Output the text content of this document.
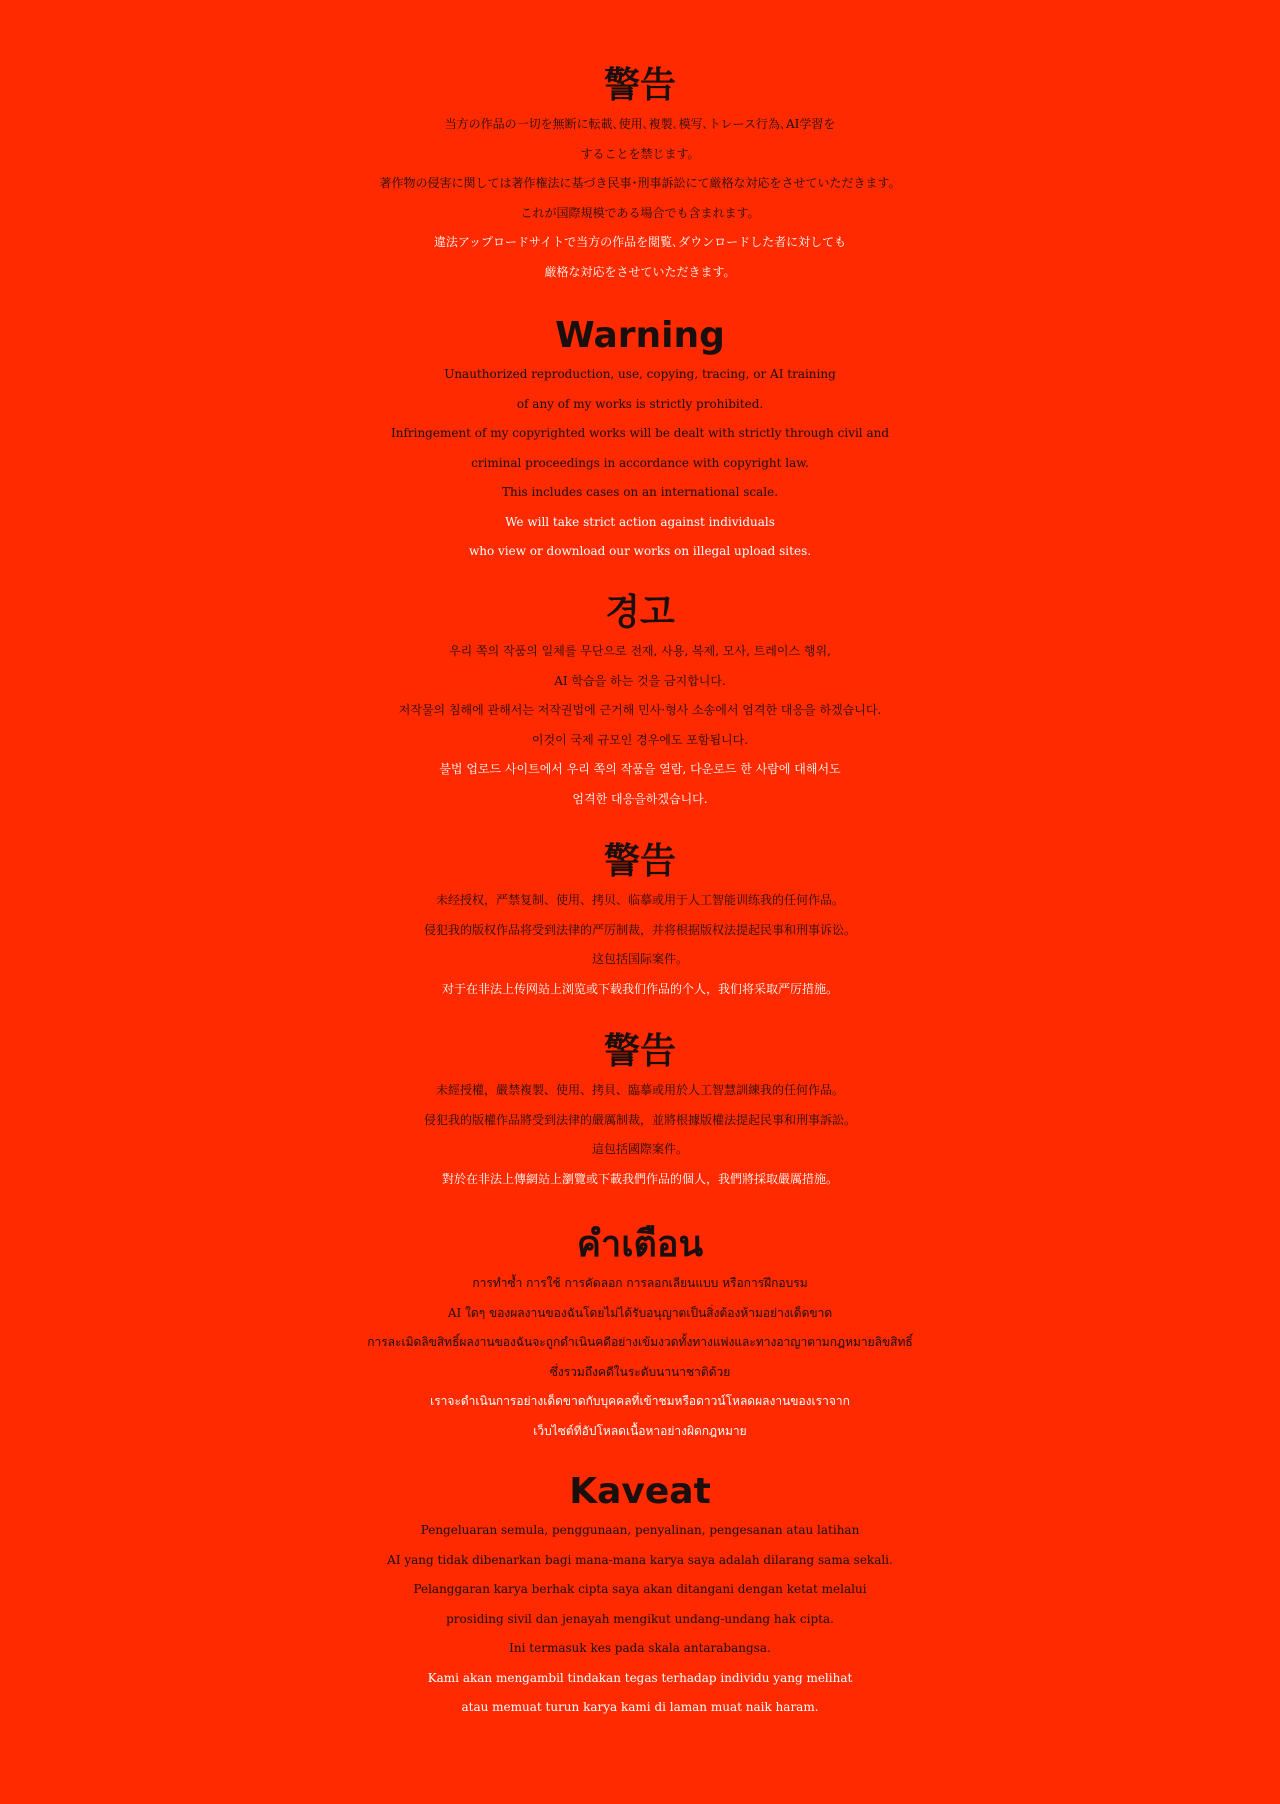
警告
当方の作品の一切を無断に転載､使用､複製､模写､トレース行為､AI学習を
することを禁じます。
著作物の侵害に関しては著作権法に基づき民事･刑事訴訟にて厳格な対応をさせていただきます。
これが国際規模である場合でも含まれます。
違法アップロードサイトで当方の作品を閲覧､ダウンロードした者に対しても
厳格な対応をさせていただきます。
Warning
Unauthorized reproduction, use, copying, tracing, or AI training
of any of my works is strictly prohibited.
Infringement of my copyrighted works will be dealt with strictly through civil and
criminal proceedings in accordance with copyright law.
This includes cases on an international scale.
We will take strict action against individuals
who view or download our works on illegal upload sites.
경고
우리 쪽의 작품의 일체를 무단으로 전재, 사용, 복제, 모사, 트레이스 행위,
AI 학습을 하는 것을 금지합니다.
저작물의 침해에 관해서는 저작권법에 근거해 민사·형사 소송에서 엄격한 대응을 하겠습니다.
이것이 국제 규모인 경우에도 포함됩니다.
불법 업로드 사이트에서 우리 쪽의 작품을 열람, 다운로드 한 사람에 대해서도
엄격한 대응을하겠습니다.
警告
未经授权，严禁复制、使用、拷贝、临摹或用于人工智能训练我的任何作品。
侵犯我的版权作品将受到法律的严厉制裁，并将根据版权法提起民事和刑事诉讼。
这包括国际案件。
对于在非法上传网站上浏览或下载我们作品的个人，我们将采取严厉措施。
警告
未經授權，嚴禁複製、使用、拷貝、臨摹或用於人工智慧訓練我的任何作品。
侵犯我的版權作品將受到法律的嚴厲制裁，並將根據版權法提起民事和刑事訴訟。
這包括國際案件。
對於在非法上傳網站上瀏覽或下載我們作品的個人，我們將採取嚴厲措施。
คำเตือน
การทำซ้ำ การใช้ การคัดลอก การลอกเลียนแบบ หรือการฝึกอบรม
AI ใดๆ ของผลงานของฉันโดยไม่ได้รับอนุญาตเป็นสิ่งต้องห้ามอย่างเด็ดขาด
การละเมิดลิขสิทธิ์ผลงานของฉันจะถูกดำเนินคดีอย่างเข้มงวดทั้งทางแพ่งและทางอาญาตามกฎหมายลิขสิทธิ์
ซึ่งรวมถึงคดีในระดับนานาชาติด้วย
เราจะดำเนินการอย่างเด็ดขาดกับบุคคลที่เข้าชมหรือดาวน์โหลดผลงานของเราจาก
เว็บไซต์ที่อัปโหลดเนื้อหาอย่างผิดกฎหมาย
Kaveat
Pengeluaran semula, penggunaan, penyalinan, pengesanan atau latihan
AI yang tidak dibenarkan bagi mana-mana karya saya adalah dilarang sama sekali.
Pelanggaran karya berhak cipta saya akan ditangani dengan ketat melalui
prosiding sivil dan jenayah mengikut undang-undang hak cipta.
Ini termasuk kes pada skala antarabangsa.
Kami akan mengambil tindakan tegas terhadap individu yang melihat
atau memuat turun karya kami di laman muat naik haram.
